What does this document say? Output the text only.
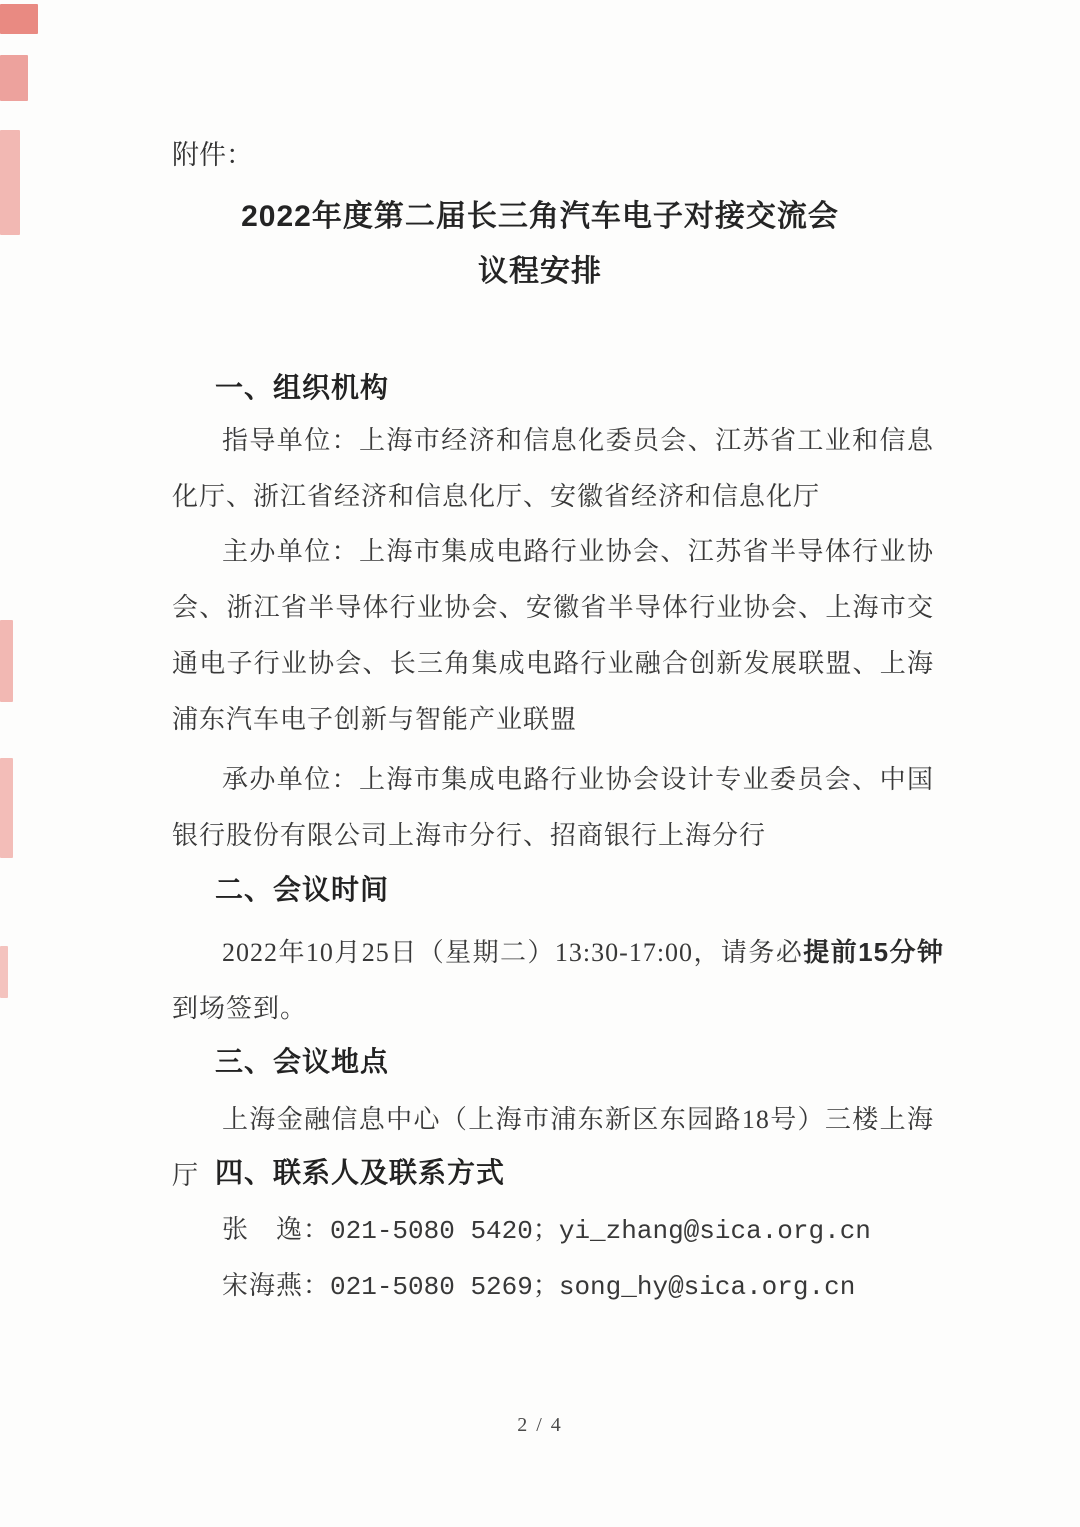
附件：
2022年度第二届长三角汽车电子对接交流会
议程安排
一、组织机构

指导单位：上海市经济和信息化委员会、江苏省工业和信息化厅、浙江省经济和信息化厅、安徽省经济和信息化厅

主办单位：上海市集成电路行业协会、江苏省半导体行业协会、浙江省半导体行业协会、安徽省半导体行业协会、上海市交通电子行业协会、长三角集成电路行业融合创新发展联盟、上海浦东汽车电子创新与智能产业联盟

承办单位：上海市集成电路行业协会设计专业委员会、中国银行股份有限公司上海市分行、招商银行上海分行

二、会议时间

2022年10月25日（星期二）13:30-17:00，请务必提前15分钟到场签到。

三、会议地点

上海金融信息中心（上海市浦东新区东园路18号）三楼上海厅 四、联系人及联系方式

张　逸：021-5080 5420；yi_zhang@sica.org.cn

宋海燕：021-5080 5269；song_hy@sica.org.cn

2 / 4
